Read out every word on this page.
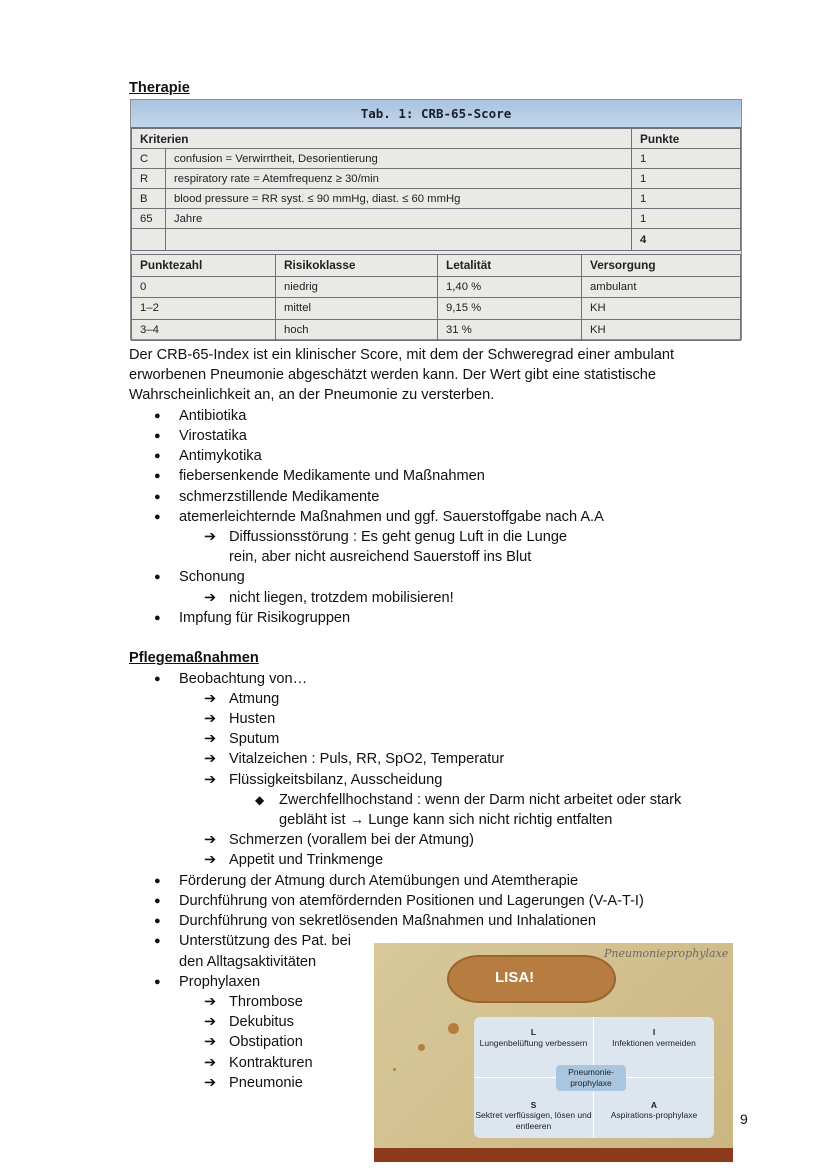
Therapie
Tab. 1: CRB-65-Score
Kriterien		Punkte
C	confusion = Verwirrtheit, Desorientierung	1
R	respiratory rate = Atemfrequenz ≥ 30/min	1
B	blood pressure = RR syst. ≤ 90 mmHg, diast. ≤ 60 mmHg	1
65	Jahre	1
		4
Punktezahl	Risikoklasse	Letalität	Versorgung
0	niedrig	1,40 %	ambulant
1–2	mittel	9,15 %	KH
3–4	hoch	31 %	KH

Der CRB-65-Index ist ein klinischer Score, mit dem der Schweregrad einer ambulant erworbenen Pneumonie abgeschätzt werden kann. Der Wert gibt eine statistische Wahrscheinlichkeit an, an der Pneumonie zu versterben.

● Antibiotika
● Virostatika
● Antimykotika
● fiebersenkende Medikamente und Maßnahmen
● schmerzstillende Medikamente
● atemerleichternde Maßnahmen und ggf. Sauerstoffgabe nach A.A
➔ Diffussionsstörung : Es geht genug Luft in die Lunge rein, aber nicht ausreichend Sauerstoff ins Blut
● Schonung
➔ nicht liegen, trotzdem mobilisieren!
● Impfung für Risikogruppen
Pflegemaßnahmen
● Beobachtung von…
➔ Atmung
➔ Husten
➔ Sputum
➔ Vitalzeichen : Puls, RR, SpO2, Temperatur
➔ Flüssigkeitsbilanz, Ausscheidung
◆ Zwerchfellhochstand : wenn der Darm nicht arbeitet oder stark gebläht ist → Lunge kann sich nicht richtig entfalten
➔ Schmerzen (vorallem bei der Atmung)
➔ Appetit und Trinkmenge
● Förderung der Atmung durch Atemübungen und Atemtherapie
● Durchführung von atemfördernden Positionen und Lagerungen (V-A-T-I)
● Durchführung von sekretlösenden Maßnahmen und Inhalationen
● Unterstützung des Pat. bei den Alltagsaktivitäten
● Prophylaxen
➔ Thrombose
➔ Dekubitus
➔ Obstipation
➔ Kontrakturen
➔ Pneumonie
LISA!
Pneumonieprophylaxe
L
Lungenbelüftung verbessern
I
Infektionen vermeiden
S
Sektret verflüssigen, lösen und entleeren
A
Aspirations-prophylaxe
Pneumonie-prophylaxe
9
